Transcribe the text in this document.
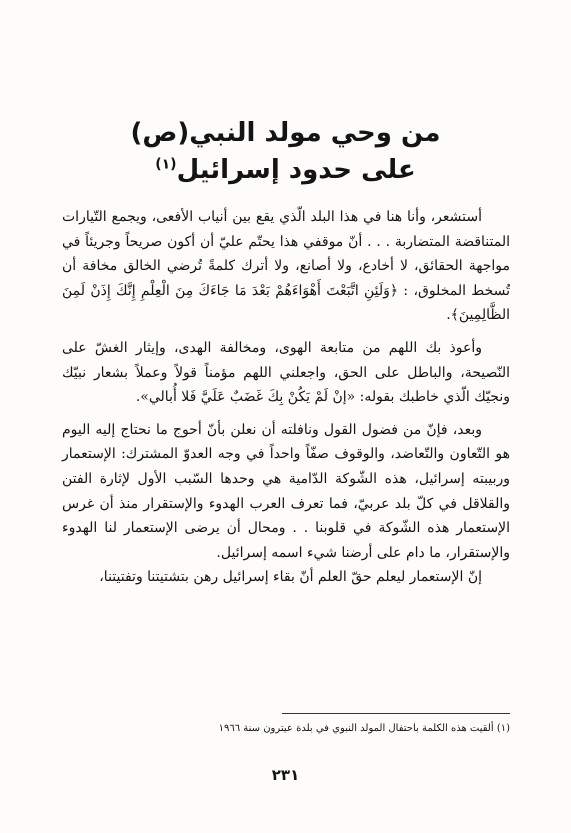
من وحي مولد النبي(ص)
على حدود إسرائيل$^{(١)}$

أستشعر، وأنا هنا في هذا البلد الّذي يقع بين أنياب الأفعى، ويجمع التّيارات المتناقضة المتضاربة . . . أنّ موقفي هذا يحتّم عليّ أن أكون صريحاً وجريئاً في مواجهة الحقائق، لا أخادع، ولا أصانع، ولا أترك كلمةً تُرضي الخالق مخافة أن تُسخط المخلوق، : ﴿وَلَئِنِ اتَّبَعْتَ أَهْوَاءَهُمْ بَعْدَ مَا جَاءَكَ مِنَ الْعِلْمِ إِنَّكَ إِذَنْ لَمِنَ الظَّالِمِينَ﴾.

وأعوذ بك اللهم من متابعة الهوى، ومخالفة الهدى، وإيثار الغشّ على النّصيحة، والباطل على الحق، واجعلني اللهم مؤمناً قولاً وعملاً بشعار نبيّك ونجيّك الّذي خاطبك بقوله: «إنْ لَمْ يَكُنْ بِكَ غَضَبٌ عَلَيَّ فَلا أُبالي».

وبعد، فإنّ من فضول القول ونافلته أن نعلن بأنّ أحوج ما نحتاج إليه اليوم هو التّعاون والتّعاضد، والوقوف صفّاً واحداً في وجه العدوّ المشترك: الإستعمار وربيبته إسرائيل، هذه الشّوكة الدّامية هي وحدها السّبب الأول لإثارة الفتن والقلاقل في كلّ بلد عربيّ، فما تعرف العرب الهدوء والإستقرار منذ أن غرس الإستعمار هذه الشّوكة في قلوبنا . . ومحال أن يرضى الإستعمار لنا الهدوء والإستقرار، ما دام على أرضنا شيء اسمه إسرائيل.

إنّ الإستعمار ليعلم حقّ العلم أنّ بقاء إسرائيل رهن بتشتيتنا وتفتيتنا،

(١) ألقيت هذه الكلمة باحتفال المولد النبوي في بلدة عيترون سنة ١٩٦٦

٢٣١
